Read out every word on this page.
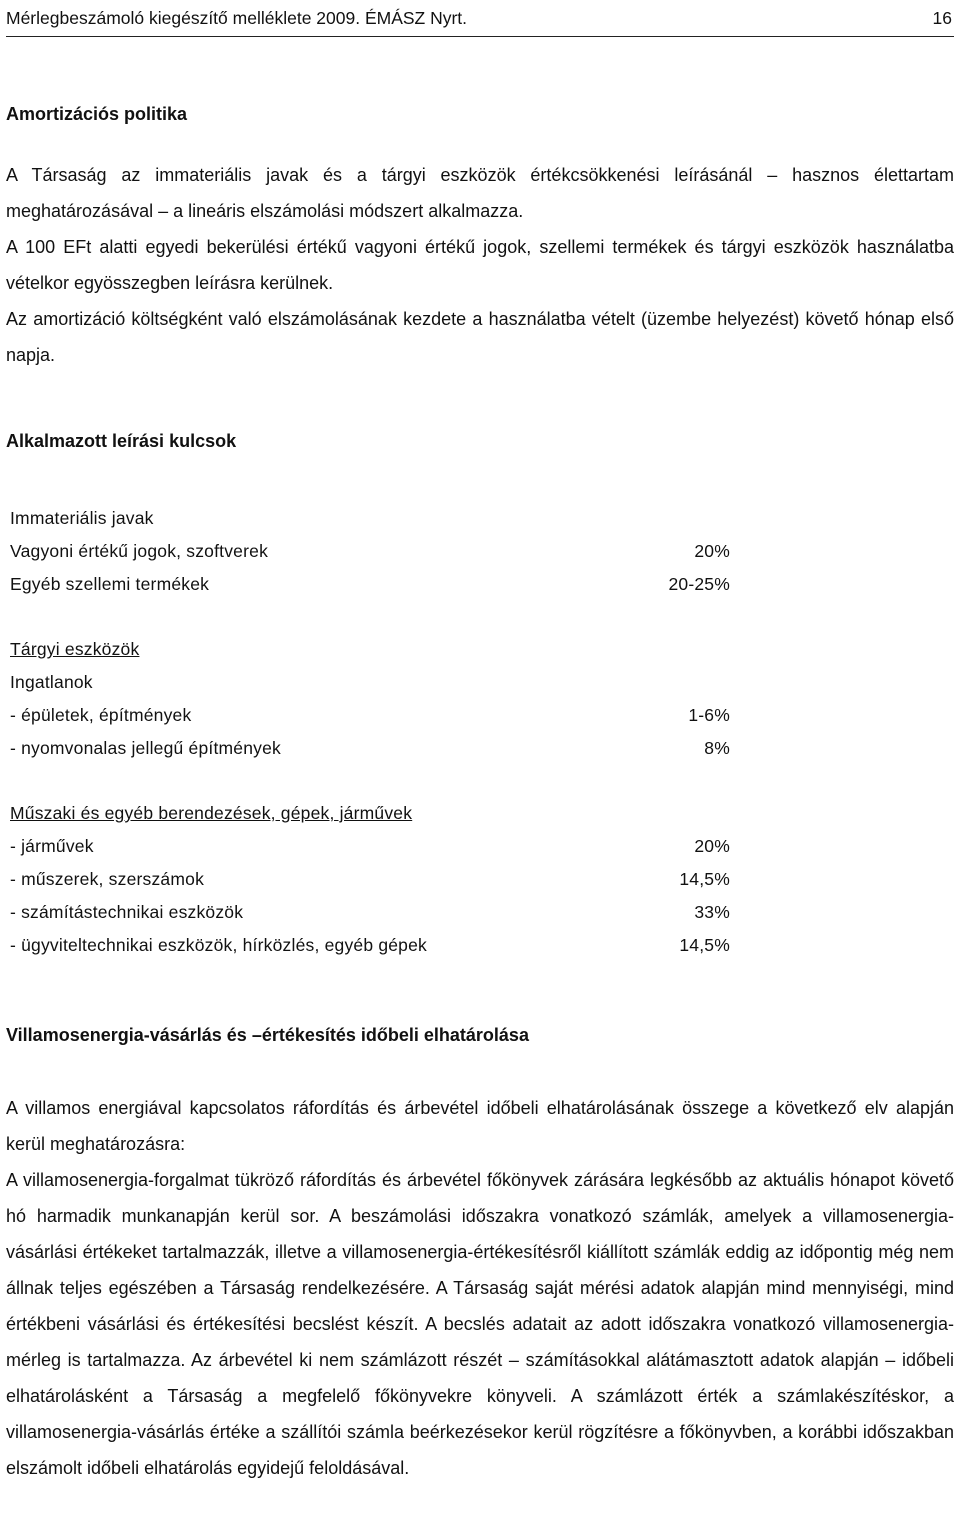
Mérlegbeszámoló kiegészítő melléklete 2009. ÉMÁSZ Nyrt.	16
Amortizációs politika
A Társaság az immateriális javak és a tárgyi eszközök értékcsökkenési leírásánál – hasznos élettartam meghatározásával – a lineáris elszámolási módszert alkalmazza.
A 100 EFt alatti egyedi bekerülési értékű vagyoni értékű jogok, szellemi termékek és tárgyi eszközök használatba vételkor egyösszegben leírásra kerülnek.
Az amortizáció költségként való elszámolásának kezdete a használatba vételt (üzembe helyezést) követő hónap első napja.
Alkalmazott leírási kulcsok
Immateriális javak
Vagyoni értékű jogok, szoftverek	20%
Egyéb szellemi termékek	20-25%
Tárgyi eszközök
Ingatlanok
- épületek, építmények	1-6%
- nyomvonalas jellegű építmények	8%
Műszaki és egyéb berendezések, gépek, járművek
- járművek	20%
- műszerek, szerszámok	14,5%
- számítástechnikai eszközök	33%
- ügyviteltechnikai eszközök, hírközlés, egyéb gépek	14,5%
Villamosenergia-vásárlás és –értékesítés időbeli elhatárolása
A villamos energiával kapcsolatos ráfordítás és árbevétel időbeli elhatárolásának összege a következő elv alapján kerül meghatározásra:
A villamosenergia-forgalmat tükröző ráfordítás és árbevétel főkönyvek zárására legkésőbb az aktuális hónapot követő hó harmadik munkanapján kerül sor. A beszámolási időszakra vonatkozó számlák, amelyek a villamosenergia-vásárlási értékeket tartalmazzák, illetve a villamosenergia-értékesítésről kiállított számlák eddig az időpontig még nem állnak teljes egészében a Társaság rendelkezésére. A Társaság saját mérési adatok alapján mind mennyiségi, mind értékbeni vásárlási és értékesítési becslést készít. A becslés adatait az adott időszakra vonatkozó villamosenergia-mérleg is tartalmazza. Az árbevétel ki nem számlázott részét – számításokkal alátámasztott adatok alapján – időbeli elhatárolásként a Társaság a megfelelő főkönyvekre könyveli. A számlázott érték a számlakészítéskor, a villamosenergia-vásárlás értéke a szállítói számla beérkezésekor kerül rögzítésre a főkönyvben, a korábbi időszakban elszámolt időbeli elhatárolás egyidejű feloldásával.
